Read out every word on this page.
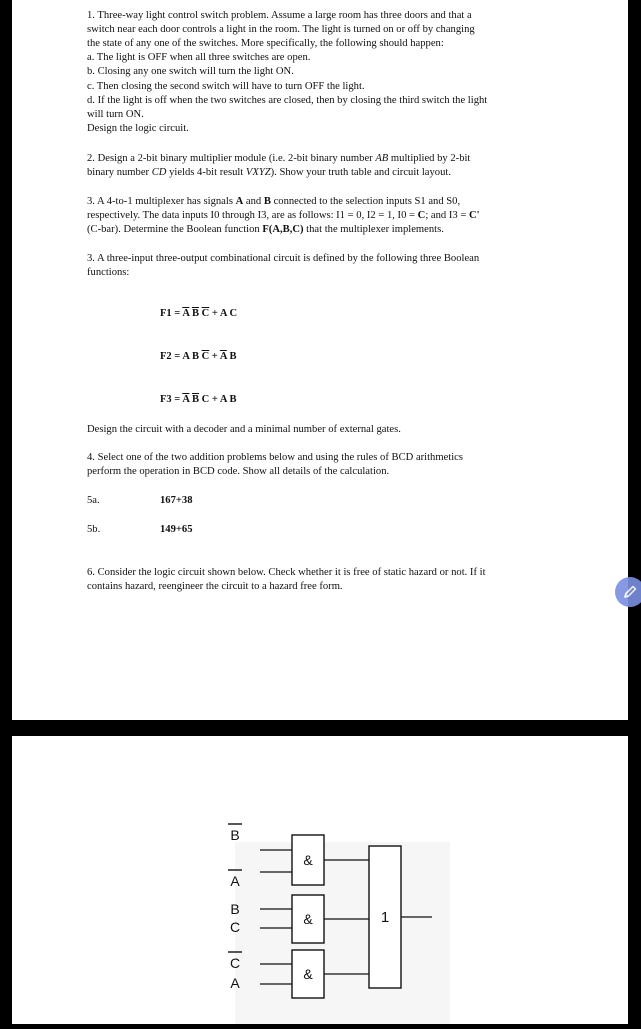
1. Three-way light control switch problem. Assume a large room has three doors and that a
switch near each door controls a light in the room. The light is turned on or off by changing
the state of any one of the switches. More specifically, the following should happen:
a. The light is OFF when all three switches are open.
b. Closing any one switch will turn the light ON.
c. Then closing the second switch will have to turn OFF the light.
d. If the light is off when the two switches are closed, then by closing the third switch the light
will turn ON.
Design the logic circuit.
2. Design a 2-bit binary multiplier module (i.e. 2-bit binary number AB multiplied by 2-bit
binary number CD yields 4-bit result VXYZ). Show your truth table and circuit layout.
3. A 4-to-1 multiplexer has signals A and B connected to the selection inputs S1 and S0,
respectively. The data inputs I0 through I3, are as follows: I1 = 0, I2 = 1, I0 = C; and I3 = C'
(C-bar). Determine the Boolean function F(A,B,C) that the multiplexer implements.
3. A three-input three-output combinational circuit is defined by the following three Boolean
functions:
$F1 = \overline{A}$ $\overline{B}$ $\overline{C} + A$ C
F2 = A B $\overline{C} + \overline{A}$ B
$F3 = \overline{A}$ $\overline{B}$ C + A B
Design the circuit with a decoder and a minimal number of external gates.
4. Select one of the two addition problems below and using the rules of BCD arithmetics
perform the operation in BCD code. Show all details of the calculation.
5a.	167+38
5b.	149+65
6. Consider the logic circuit shown below. Check whether it is free of static hazard or not. If it
contains hazard, reengineer the circuit to a hazard free form.
B
A
B
C
C
A
&
&
&
1
